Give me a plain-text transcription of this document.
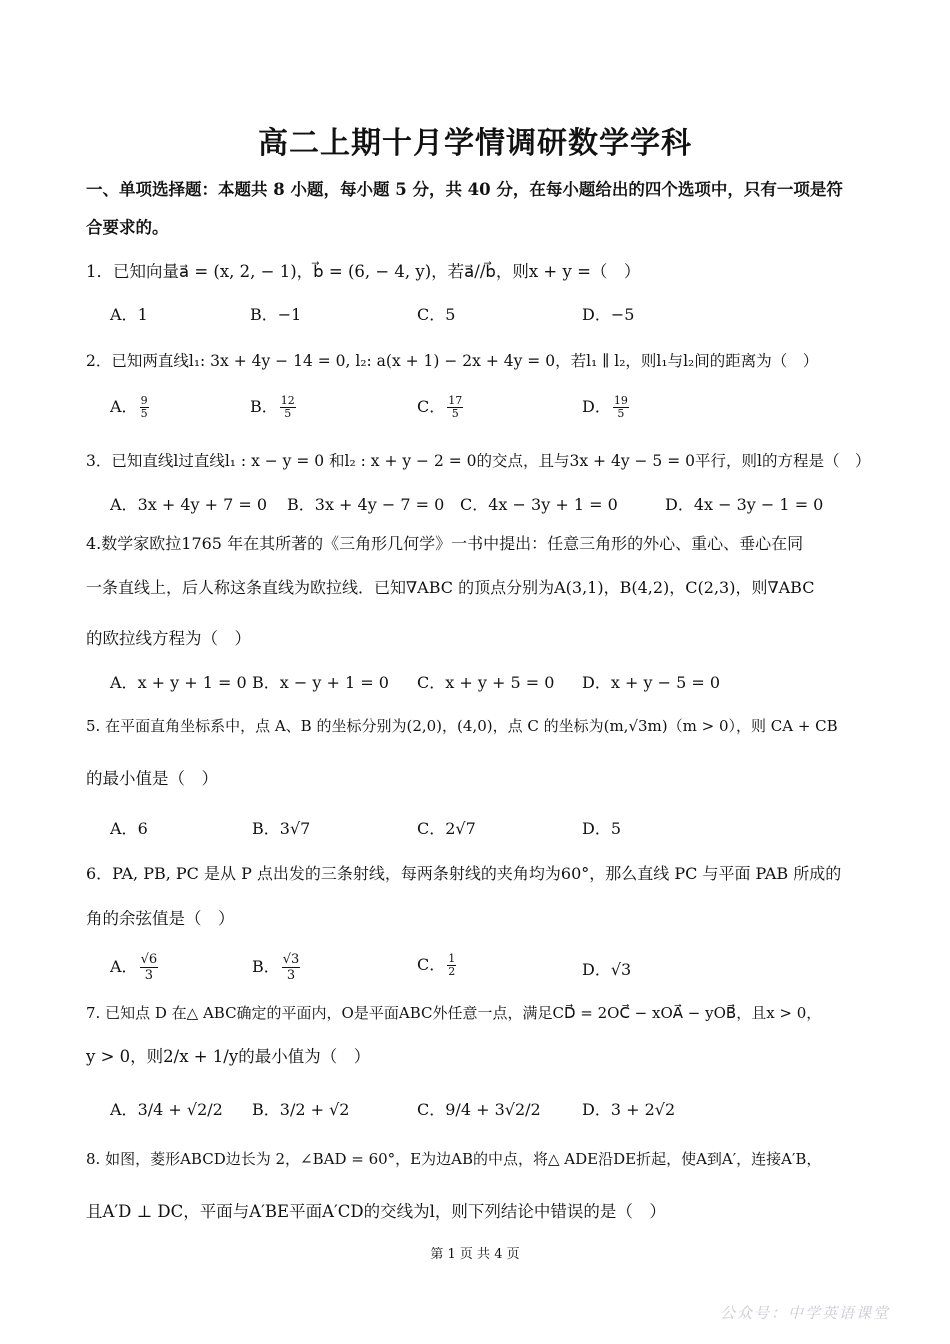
高二上期十月学情调研数学学科
一、单项选择题：本题共 8 小题，每小题 5 分，共 40 分，在每小题给出的四个选项中，只有一项是符
合要求的。
1．已知向量a⃗ = (x, 2, − 1)，b⃗ = (6, − 4, y)，若a⃗//b⃗，则x + y =（　）
A．1	B．−1	C．5	D．−5
2．已知两直线l₁: 3x + 4y − 14 = 0, l₂: a(x + 1) − 2x + 4y = 0，若l₁ ∥ l₂，则l₁与l₂间的距离为（　）
A． $\frac{9}{5}$	B． $\frac{12}{5}$	C． $\frac{17}{5}$	D． $\frac{19}{5}$
3．已知直线l过直线l₁ : x − y = 0 和l₂ : x + y − 2 = 0的交点，且与3x + 4y − 5 = 0平行，则l的方程是（　）
A．3x + 4y + 7 = 0 B．3x + 4y − 7 = 0 C．4x − 3y + 1 = 0	D．4x − 3y − 1 = 0
4.数学家欧拉1765 年在其所著的《三角形几何学》一书中提出：任意三角形的外心、重心、垂心在同
一条直线上，后人称这条直线为欧拉线．已知∇ABC 的顶点分别为A(3,1)，B(4,2)，C(2,3)，则∇ABC
的欧拉线方程为（　）
A．x + y + 1 = 0 B．x − y + 1 = 0 C．x + y + 5 = 0 D．x + y − 5 = 0
5. 在平面直角坐标系中，点 A、B 的坐标分别为(2,0)，(4,0)，点 C 的坐标为(m,√3m)（m > 0），则 CA + CB
的最小值是（　）
A．6	B．3√7	C．2√7	D．5
6．PA, PB, PC 是从 P 点出发的三条射线，每两条射线的夹角均为60°，那么直线 PC 与平面 PAB 所成的
角的余弦值是（　）
A． $\frac{√6}{3}$	B． $\frac{√3}{3}$	C． $\frac{1}{2}$	D．√3
7. 已知点 D 在△ ABC确定的平面内，O是平面ABC外任意一点，满足CD⃗ = 2OC⃗ − xOA⃗ − yOB⃗，且x > 0，
y > 0，则2/x + 1/y的最小值为（　）
A．3/4 + √2/2 B．3/2 + √2	C．9/4 + 3√2/2	D．3 + 2√2
8. 如图，菱形ABCD边长为 2，∠BAD = 60°，E为边AB的中点，将△ ADE沿DE折起，使A到A′，连接A′B，
且A′D ⊥ DC，平面与A′BE平面A′CD的交线为l，则下列结论中错误的是（　）
第 1 页 共 4 页
公众号：中学英语课堂
